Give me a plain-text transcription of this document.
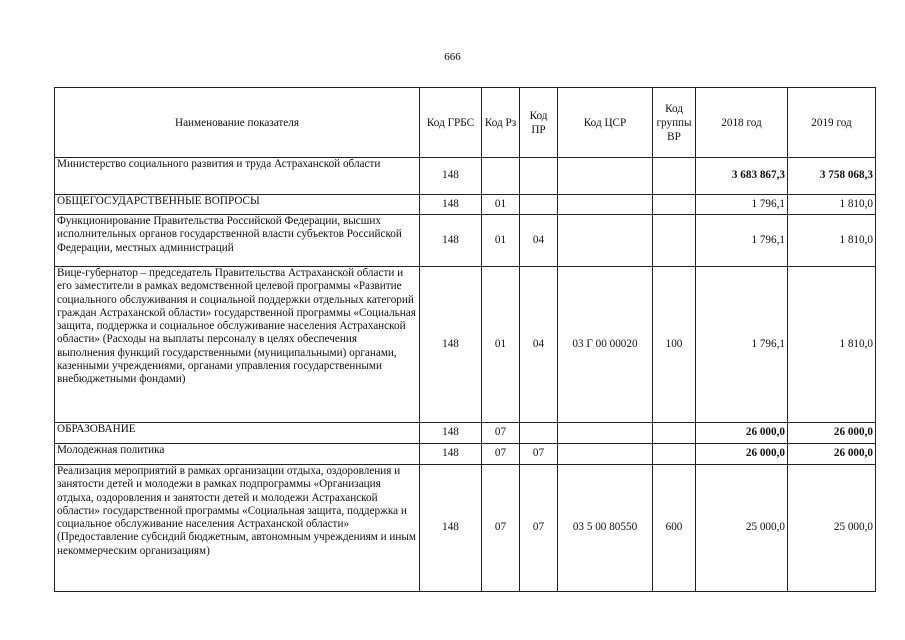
666
Наименование показателя	Код ГРБС	Код Рз	Код ПР	Код ЦСР	Код группы ВР	2018 год	2019 год
Министерство социального развития и труда Астраханской области	148					3 683 867,3	3 758 068,3
ОБЩЕГОСУДАРСТВЕННЫЕ ВОПРОСЫ	148	01				1 796,1	1 810,0
Функционирование Правительства Российской Федерации, высших исполнительных органов государственной власти субъектов Российской Федерации, местных администраций	148	01	04			1 796,1	1 810,0
Вице-губернатор – председатель Правительства Астраханской области и его заместители в рамках ведомственной целевой программы «Развитие социального обслуживания и социальной поддержки отдельных категорий граждан Астраханской области» государственной программы «Социальная защита, поддержка и социальное обслуживание населения Астраханской области» (Расходы на выплаты персоналу в целях обеспечения выполнения функций государственными (муниципальными) органами, казенными учреждениями, органами управления государственными внебюджетными фондами)	148	01	04	03 Г 00 00020	100	1 796,1	1 810,0
ОБРАЗОВАНИЕ	148	07				26 000,0	26 000,0
Молодежная политика	148	07	07			26 000,0	26 000,0
Реализация мероприятий в рамках организации отдыха, оздоровления и занятости детей и молодежи в рамках подпрограммы «Организация отдыха, оздоровления и занятости детей и молодежи Астраханской области» государственной программы «Социальная защита, поддержка и социальное обслуживание населения Астраханской области» (Предоставление субсидий бюджетным, автономным учреждениям и иным некоммерческим организациям)	148	07	07	03 5 00 80550	600	25 000,0	25 000,0
